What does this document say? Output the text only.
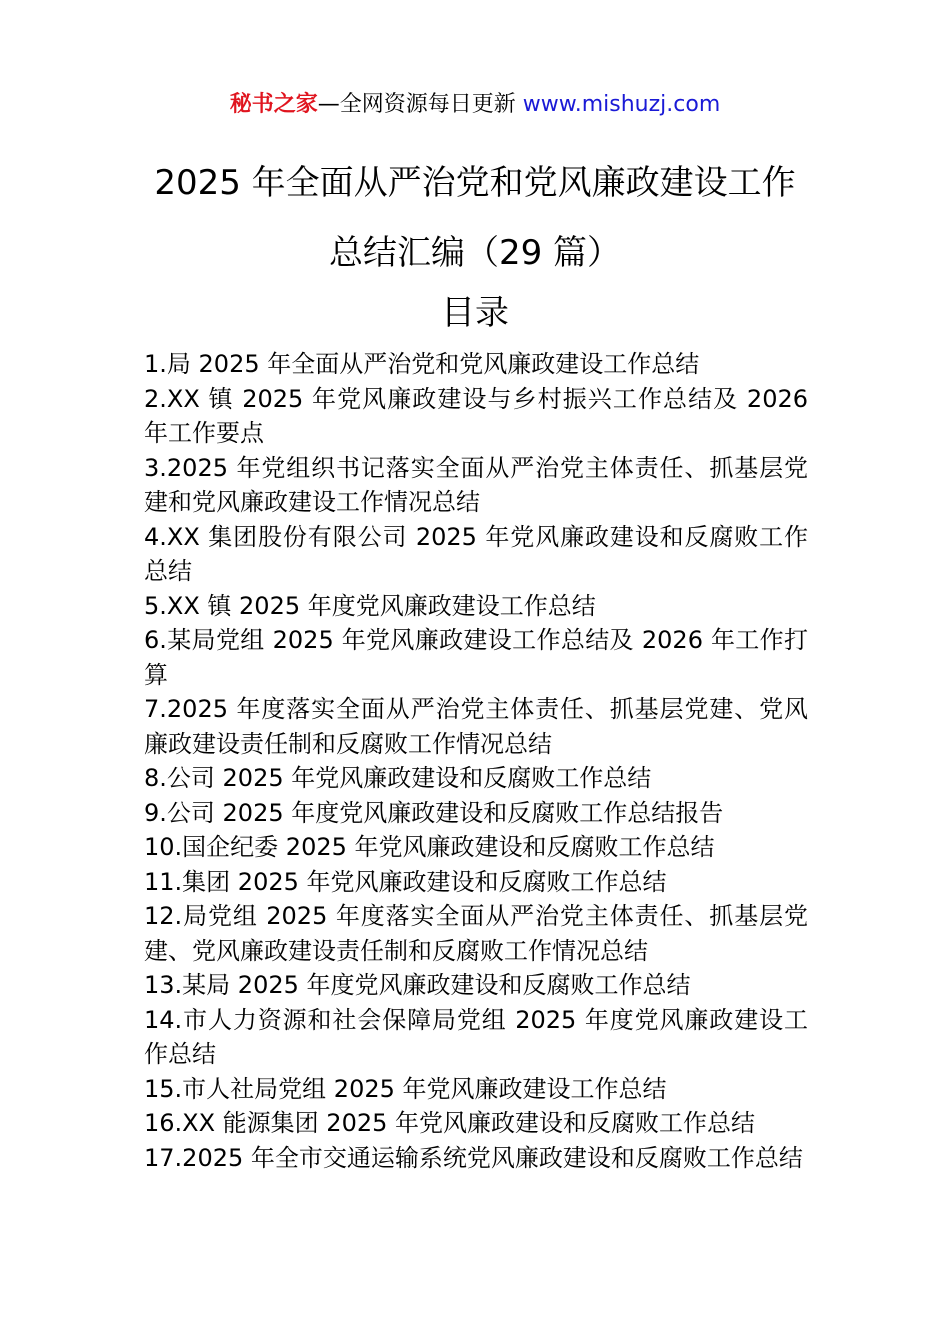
秘书之家—全网资源每日更新 www.mishuzj.com
2025 年全面从严治党和党风廉政建设工作
总结汇编（29 篇）
目录
1.局 2025 年全面从严治党和党风廉政建设工作总结
2.XX 镇 2025 年党风廉政建设与乡村振兴工作总结及 2026 年工作要点
3.2025 年党组织书记落实全面从严治党主体责任、抓基层党建和党风廉政建设工作情况总结
4.XX 集团股份有限公司 2025 年党风廉政建设和反腐败工作总结
5.XX 镇 2025 年度党风廉政建设工作总结
6.某局党组 2025 年党风廉政建设工作总结及 2026 年工作打算
7.2025 年度落实全面从严治党主体责任、抓基层党建、党风廉政建设责任制和反腐败工作情况总结
8.公司 2025 年党风廉政建设和反腐败工作总结
9.公司 2025 年度党风廉政建设和反腐败工作总结报告
10.国企纪委 2025 年党风廉政建设和反腐败工作总结
11.集团 2025 年党风廉政建设和反腐败工作总结
12.局党组 2025 年度落实全面从严治党主体责任、抓基层党建、党风廉政建设责任制和反腐败工作情况总结
13.某局 2025 年度党风廉政建设和反腐败工作总结
14.市人力资源和社会保障局党组 2025 年度党风廉政建设工作总结
15.市人社局党组 2025 年党风廉政建设工作总结
16.XX 能源集团 2025 年党风廉政建设和反腐败工作总结
17.2025 年全市交通运输系统党风廉政建设和反腐败工作总结
